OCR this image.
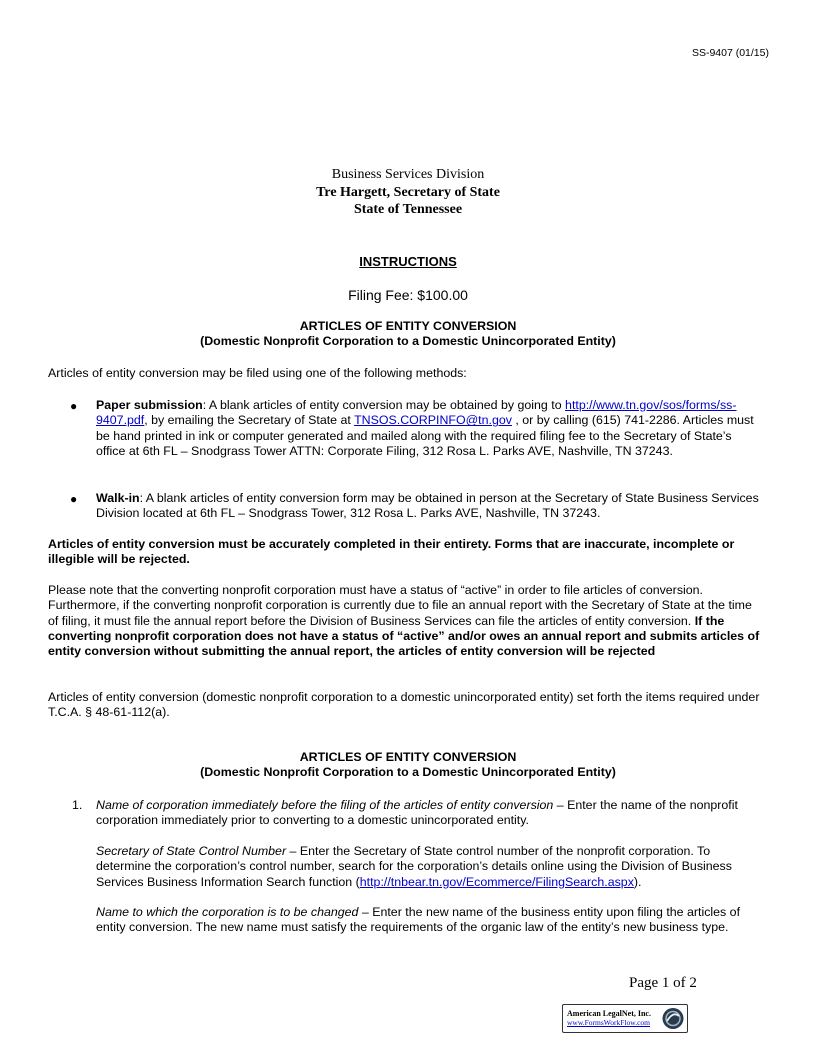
SS-9407 (01/15)
Business Services Division
Tre Hargett, Secretary of State
State of Tennessee
INSTRUCTIONS
Filing Fee: $100.00
ARTICLES OF ENTITY CONVERSION
(Domestic Nonprofit Corporation to a Domestic Unincorporated Entity)

Articles of entity conversion may be filed using one of the following methods:

● Paper submission: A blank articles of entity conversion may be obtained by going to http://www.tn.gov/sos/forms/ss-9407.pdf, by emailing the Secretary of State at TNSOS.CORPINFO@tn.gov , or by calling (615) 741-2286. Articles must be hand printed in ink or computer generated and mailed along with the required filing fee to the Secretary of State’s office at 6th FL – Snodgrass Tower ATTN: Corporate Filing, 312 Rosa L. Parks AVE, Nashville, TN 37243.

● Walk-in: A blank articles of entity conversion form may be obtained in person at the Secretary of State Business Services Division located at 6th FL – Snodgrass Tower, 312 Rosa L. Parks AVE, Nashville, TN 37243.

Articles of entity conversion must be accurately completed in their entirety. Forms that are inaccurate, incomplete or illegible will be rejected.

Please note that the converting nonprofit corporation must have a status of “active” in order to file articles of conversion. Furthermore, if the converting nonprofit corporation is currently due to file an annual report with the Secretary of State at the time of filing, it must file the annual report before the Division of Business Services can file the articles of entity conversion. If the converting nonprofit corporation does not have a status of “active” and/or owes an annual report and submits articles of entity conversion without submitting the annual report, the articles of entity conversion will be rejected

Articles of entity conversion (domestic nonprofit corporation to a domestic unincorporated entity) set forth the items required under T.C.A. § 48-61-112(a).

ARTICLES OF ENTITY CONVERSION
(Domestic Nonprofit Corporation to a Domestic Unincorporated Entity)
1. Name of corporation immediately before the filing of the articles of entity conversion – Enter the name of the nonprofit corporation immediately prior to converting to a domestic unincorporated entity.

Secretary of State Control Number – Enter the Secretary of State control number of the nonprofit corporation. To determine the corporation’s control number, search for the corporation’s details online using the Division of Business Services Business Information Search function (http://tnbear.tn.gov/Ecommerce/FilingSearch.aspx).

Name to which the corporation is to be changed – Enter the new name of the business entity upon filing the articles of entity conversion. The new name must satisfy the requirements of the organic law of the entity’s new business type.

Page 1 of 2
American LegalNet, Inc.
www.FormsWorkFlow.com
